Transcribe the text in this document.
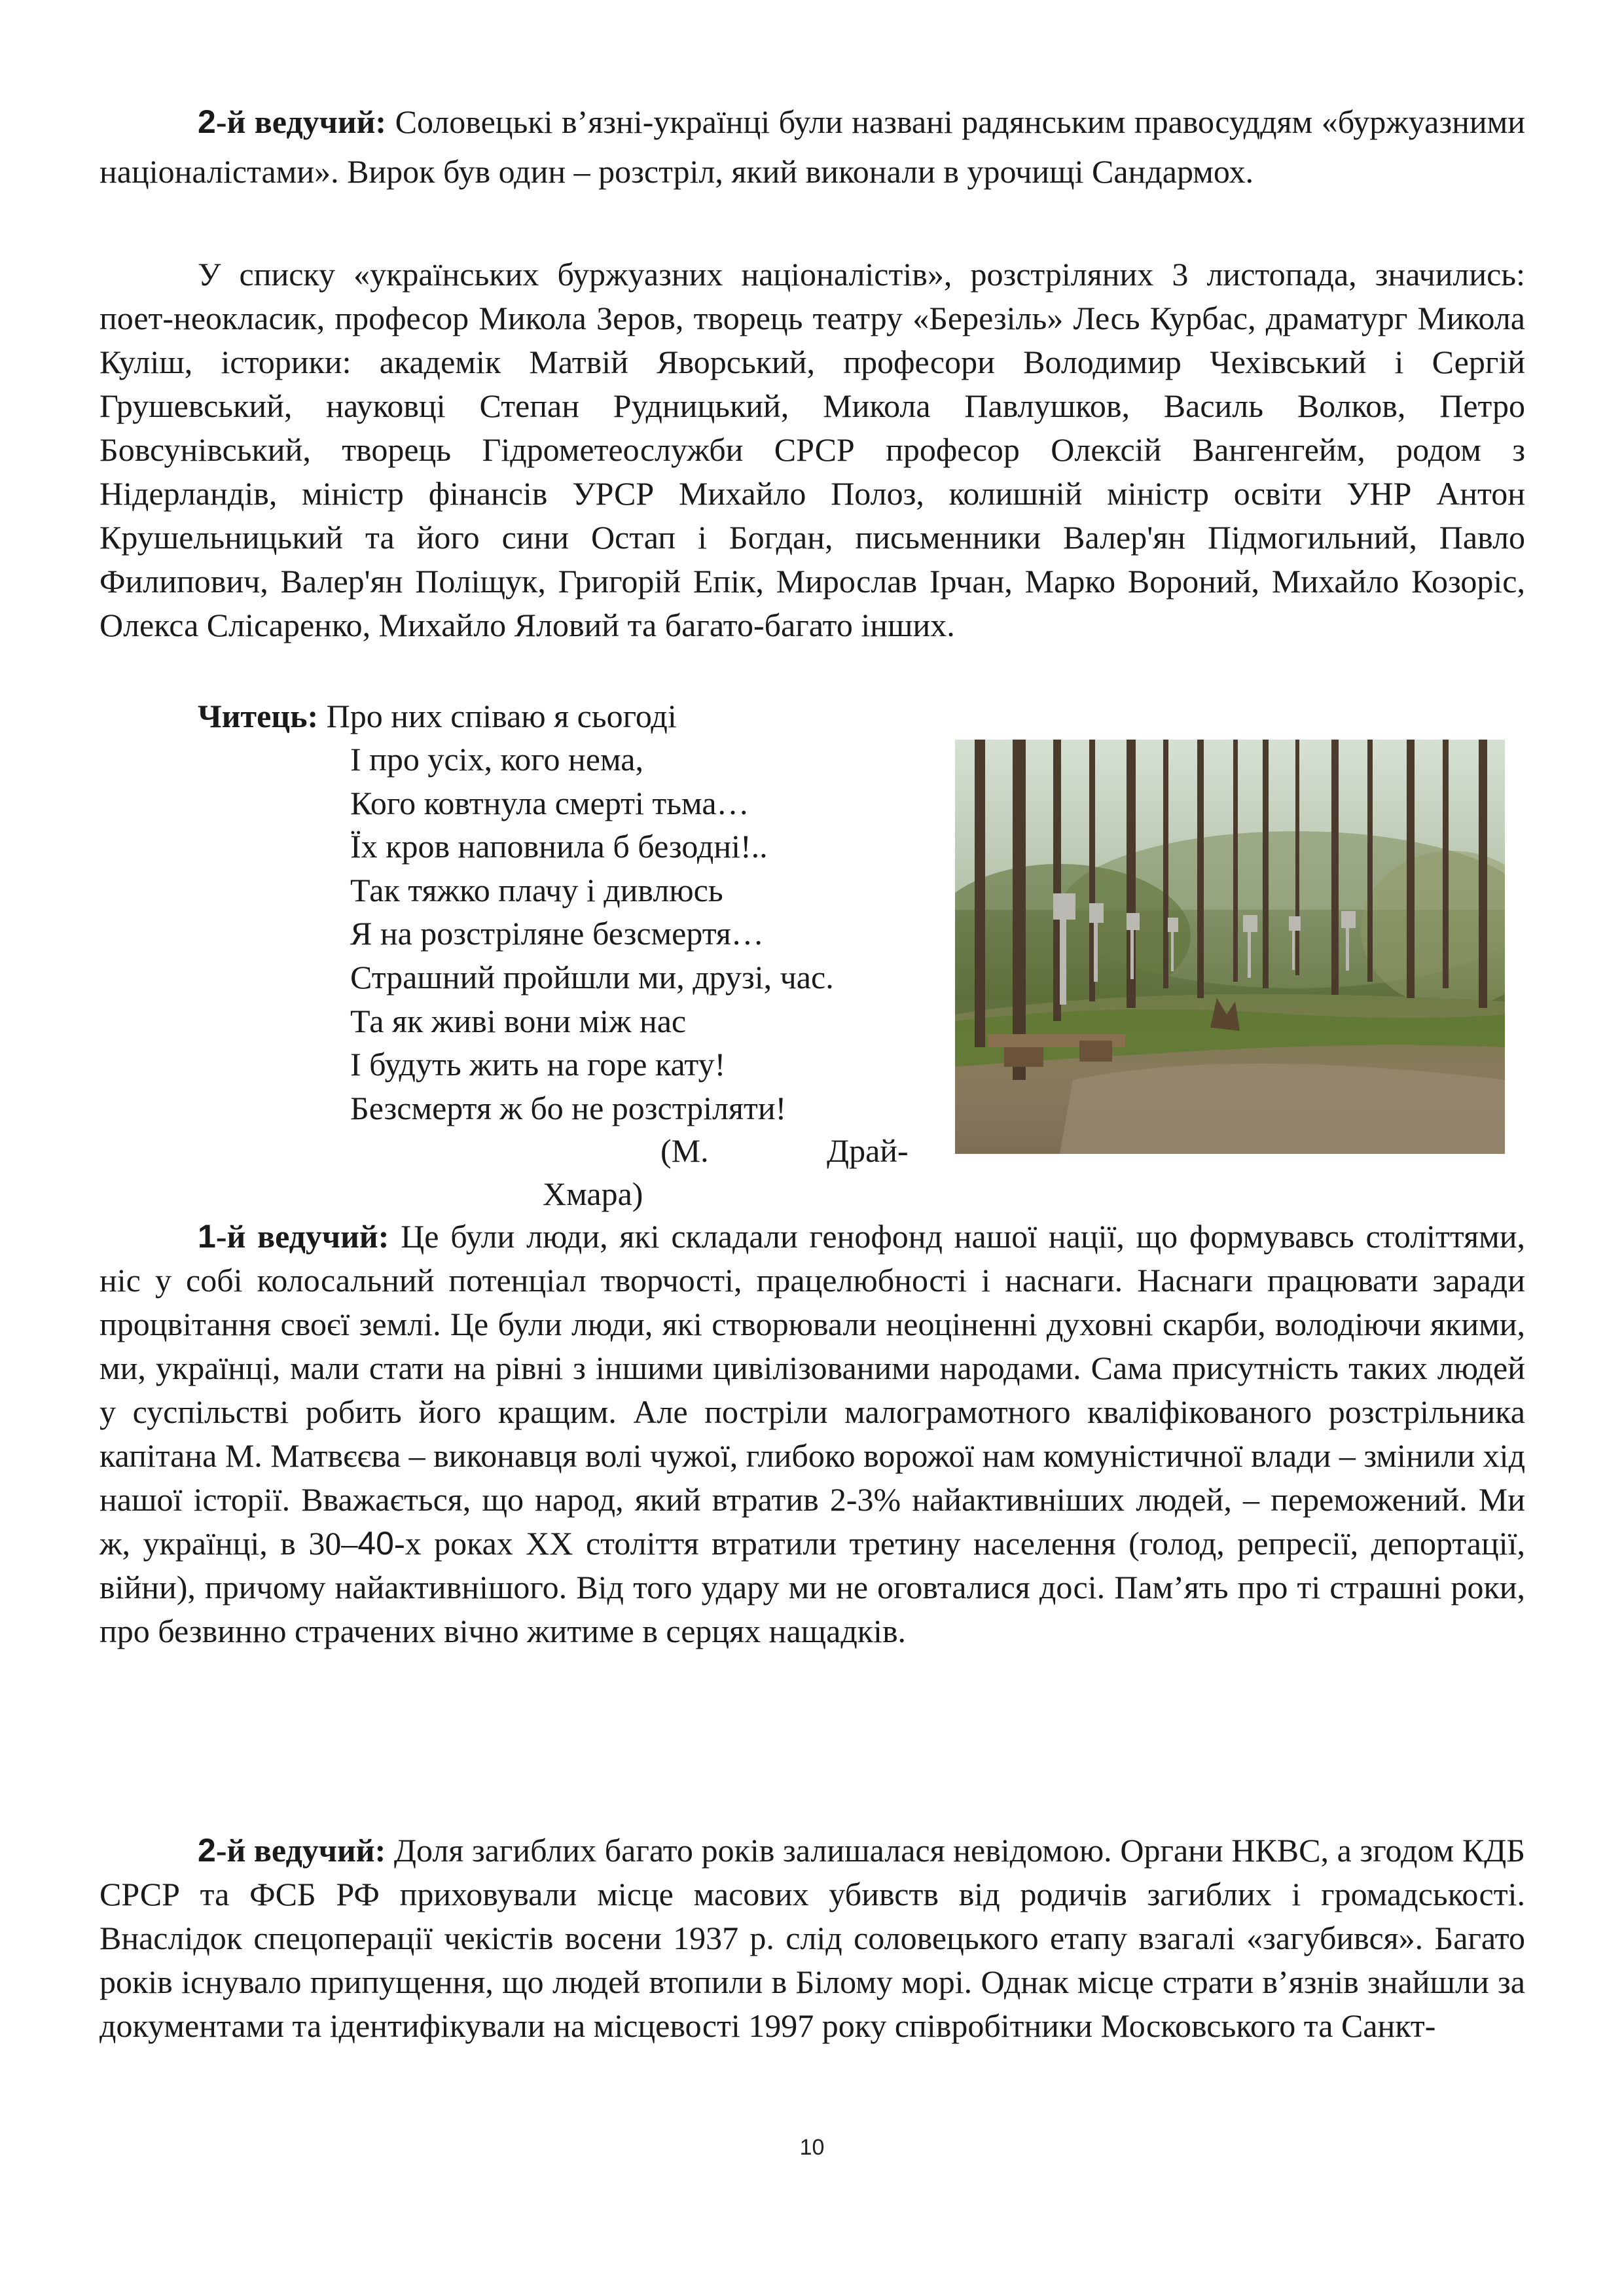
2-й ведучий: Соловецькі в’язні-українці були названі радянським правосуддям «буржуазними націоналістами». Вирок був один – розстріл, який виконали в урочищі Сандармох.

У списку «українських буржуазних націоналістів», розстріляних 3 листопада, значились: поет-неокласик, професор Микола Зеров, творець театру «Березіль» Лесь Курбас, драматург Микола Куліш, історики: академік Матвій Яворський, професори Володимир Чехівський і Сергій Грушевський, науковці Степан Рудницький, Микола Павлушков, Василь Волков, Петро Бовсунівський, творець Гідрометеослужби СРСР професор Олексій Вангенгейм, родом з Нідерландів, міністр фінансів УРСР Михайло Полоз, колишній міністр освіти УНР Антон Крушельницький та його сини Остап і Богдан, письменники Валер'ян Підмогильний, Павло Филипович, Валер'ян Поліщук, Григорій Епік, Мирослав Ірчан, Марко Вороний, Михайло Козоріс, Олекса Слісаренко, Михайло Яловий та багато-багато інших.

Читець: Про них співаю я сьогоді

І про усіх, кого нема,
Кого ковтнула смерті тьма…
Їх кров наповнила б безодні!..
Так тяжко плачу і дивлюсь
Я на розстріляне безсмертя…
Страшний пройшли ми, друзі, час.
Та як живі вони між нас
І будуть жить на горе кату!
Безсмертя ж бо не розстріляти!

(М.	Драй-

Хмара)

1-й ведучий: Це були люди, які складали генофонд нашої нації, що формувавсь століттями, ніс у собі колосальний потенціал творчості, працелюбності і наснаги. Наснаги працювати заради процвітання своєї землі. Це були люди, які створювали неоціненні духовні скарби, володіючи якими, ми, українці, мали стати на рівні з іншими цивілізованими народами. Сама присутність таких людей у суспільстві робить його кращим. Але постріли малограмотного кваліфікованого розстрільника капітана М. Матвєєва – виконавця волі чужої, глибоко ворожої нам комуністичної влади – змінили хід нашої історії. Вважається, що народ, який втратив 2-3% найактивніших людей, – переможений. Ми ж, українці, в 30–40-х роках ХХ століття втратили третину населення (голод, репресії, депортації, війни), причому найактивнішого. Від того удару ми не оговталися досі. Пам’ять про ті страшні роки, про безвинно страчених вічно житиме в серцях нащадків.

2-й ведучий: Доля загиблих багато років залишалася невідомою. Органи НКВС, а згодом КДБ СРСР та ФСБ РФ приховували місце масових убивств від родичів загиблих і громадськості. Внаслідок спецоперації чекістів восени 1937 р. слід соловецького етапу взагалі «загубився». Багато років існувало припущення, що людей втопили в Білому морі. Однак місце страти в’язнів знайшли за документами та ідентифікували на місцевості 1997 року співробітники Московського та Санкт-

10
